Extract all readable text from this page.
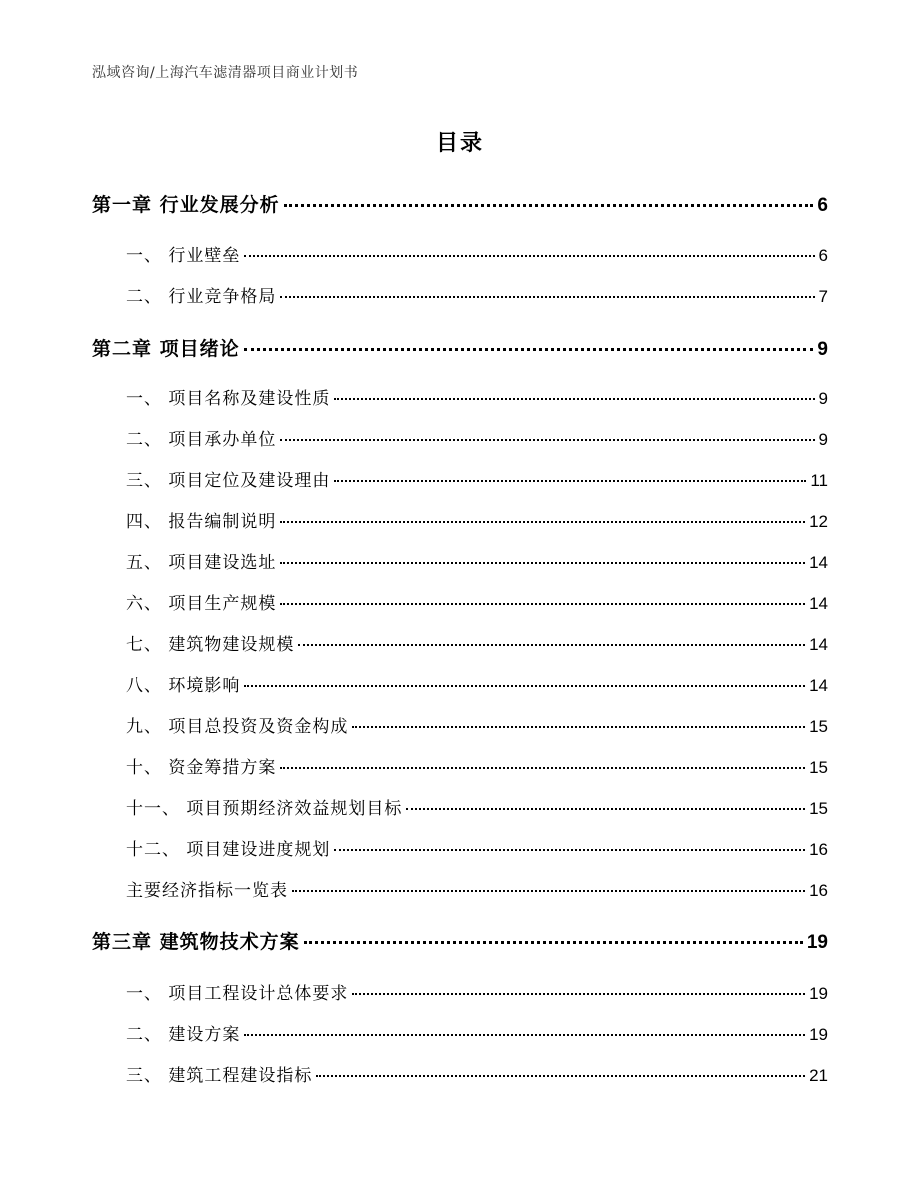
泓域咨询/上海汽车滤清器项目商业计划书
目录
第一章 行业发展分析	6
一、 行业壁垒	6
二、 行业竞争格局	7
第二章 项目绪论	9
一、 项目名称及建设性质	9
二、 项目承办单位	9
三、 项目定位及建设理由	11
四、 报告编制说明	12
五、 项目建设选址	14
六、 项目生产规模	14
七、 建筑物建设规模	14
八、 环境影响	14
九、 项目总投资及资金构成	15
十、 资金筹措方案	15
十一、 项目预期经济效益规划目标	15
十二、 项目建设进度规划	16
主要经济指标一览表	16
第三章 建筑物技术方案	19
一、 项目工程设计总体要求	19
二、 建设方案	19
三、 建筑工程建设指标	21
